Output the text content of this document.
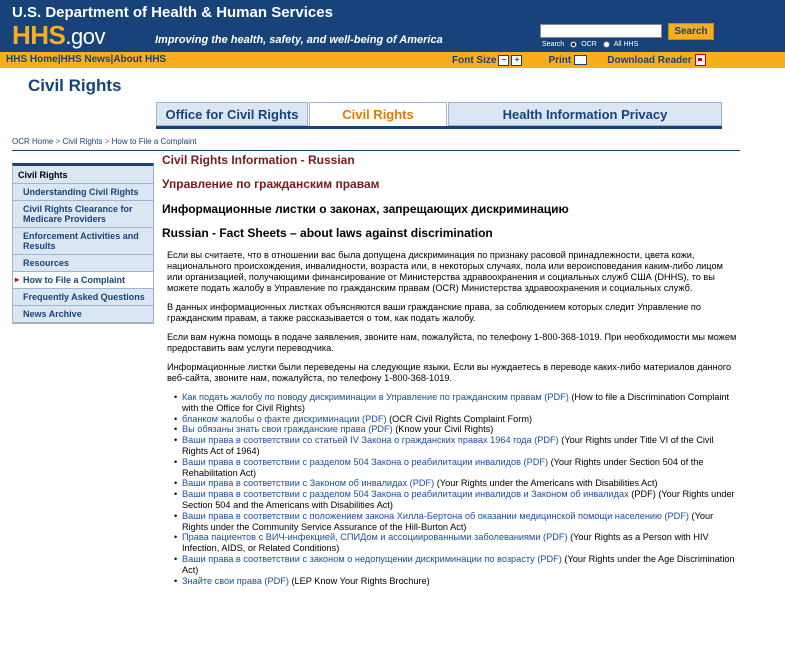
U.S. Department of Health & Human Services
HHS.gov	Improving the health, safety, and well-being of America
Search
Search OCR All HHS
HHS Home|HHS News|About HHS	Font Size −	+	Print	Download Reader
Civil Rights
Office for Civil Rights	Civil Rights	Health Information Privacy
OCR Home > Civil Rights > How to File a Complaint
Civil Rights
Understanding Civil Rights
Civil Rights Clearance for Medicare Providers
Enforcement Activities and Results
Resources
▸ How to File a Complaint
Frequently Asked Questions
News Archive

Civil Rights Information - Russian

Управление по гражданским правам

Информационные листки о законах, запрещающих дискриминацию

Russian - Fact Sheets – about laws against discrimination

Если вы считаете, что в отношении вас была допущена дискриминация по признаку расовой принадлежности, цвета кожи, национального происхождения, инвалидности, возраста или, в некоторых случаях, пола или вероисповедания каким-либо лицом или организацией, получающими финансирование от Министерства здравоохранения и социальных служб США (DHHS), то вы можете подать жалобу в Управление по гражданским правам (OCR) Министерства здравоохранения и социальных служб.

В данных информационных листках объясняются ваши гражданские права, за соблюдением которых следит Управление по гражданским правам, а также рассказывается о том, как подать жалобу.

Если вам нужна помощь в подаче заявления, звоните нам, пожалуйста, по телефону 1-800-368-1019. При необходимости мы можем предоставить вам услуги переводчика.

Информационные листки были переведены на следующие языки. Если вы нуждаетесь в переводе каких-либо материалов данного веб-сайта, звоните нам, пожалуйста, по телефону 1-800-368-1019.

• Как подать жалобу по поводу дискриминации в Управление по гражданским правам (PDF) (How to file a Discrimination Complaint with the Office for Civil Rights)
• бланком жалобы о факте дискриминации (PDF) (OCR Civil Rights Complaint Form)
• Вы обязаны знать свои гражданские права (PDF) (Know your Civil Rights)
• Ваши права в соответствии со статьей IV Закона о гражданских правах 1964 года (PDF) (Your Rights under Title VI of the Civil Rights Act of 1964)
• Ваши права в соответствии с разделом 504 Закона о реабилитации инвалидов (PDF) (Your Rights under Section 504 of the Rehabilitation Act)
• Ваши права в соответствии с Законом об инвалидах (PDF) (Your Rights under the Americans with Disabilities Act)
• Ваши права в соответствии с разделом 504 Закона о реабилитации инвалидов и Законом об инвалидах (PDF) (Your Rights under Section 504 and the Americans with Disabilities Act)
• Ваши права в соответствии с положением закона Хилла-Бертона об оказании медицинской помощи населению (PDF) (Your Rights under the Community Service Assurance of the Hill-Burton Act)
• Права пациентов с ВИЧ-инфекцией, СПИДом и ассоциированными заболеваниями (PDF) (Your Rights as a Person with HIV Infection, AIDS, or Related Conditions)
• Ваши права в соответствии с законом о недопущении дискриминации по возрасту (PDF) (Your Rights under the Age Discrimination Act)
• Знайте свои права (PDF) (LEP Know Your Rights Brochure)
